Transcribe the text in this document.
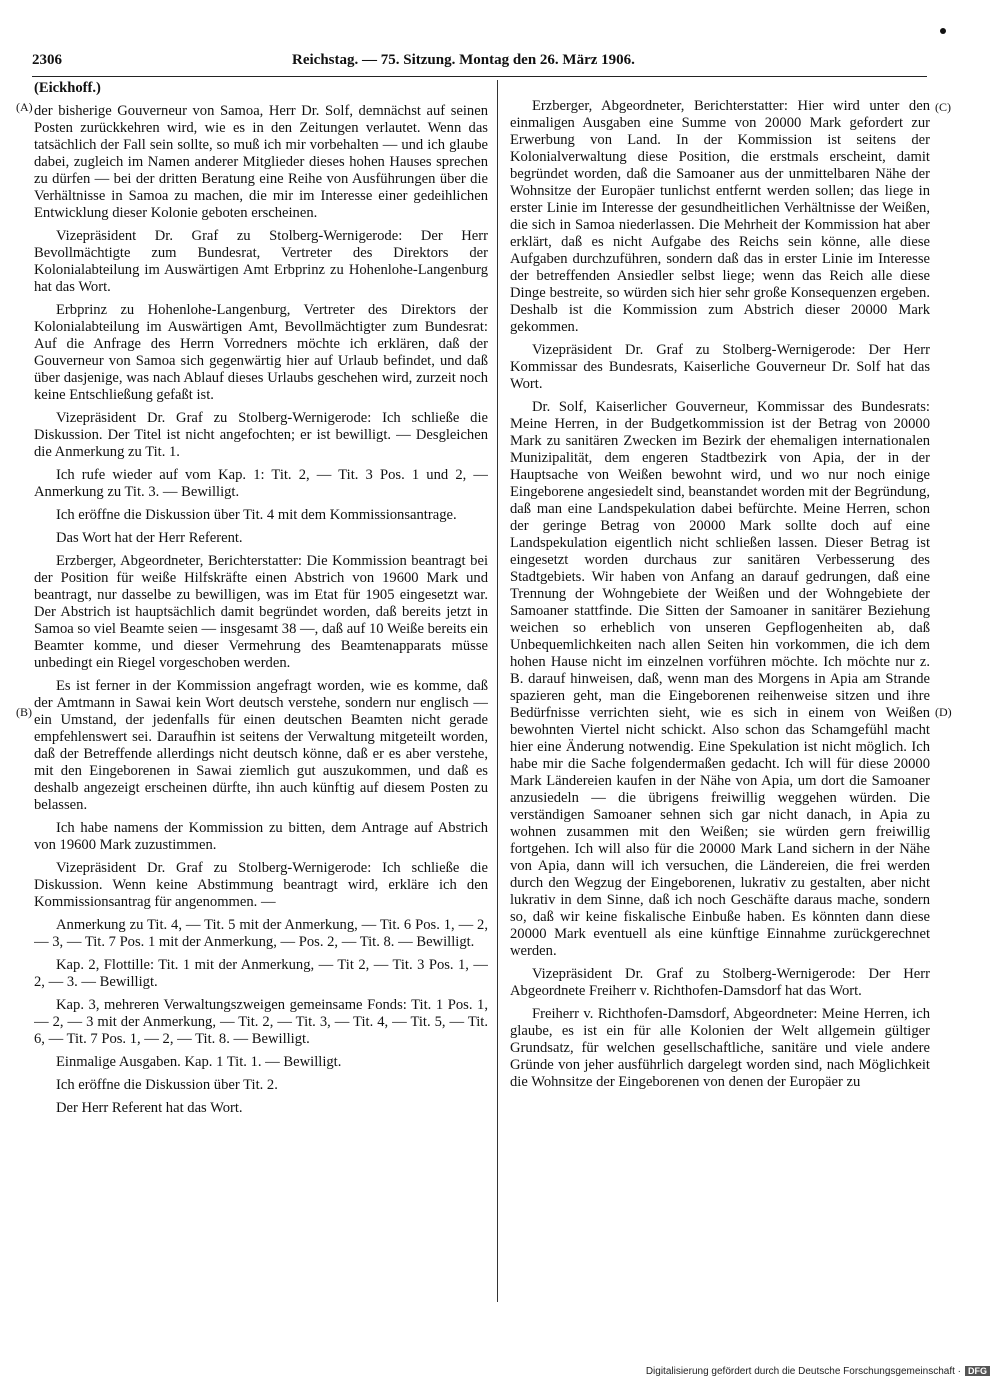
2306	Reichstag. — 75. Sitzung. Montag den 26. März 1906.

(Eickhoff.)

der bisherige Gouverneur von Samoa, Herr Dr. Solf, demnächst auf seinen Posten zurückkehren wird, wie es in den Zeitungen verlautet. Wenn das tatsächlich der Fall sein sollte, so muß ich mir vorbehalten — und ich glaube dabei, zugleich im Namen anderer Mitglieder dieses hohen Hauses sprechen zu dürfen — bei der dritten Beratung eine Reihe von Ausführungen über die Verhältnisse in Samoa zu machen, die mir im Interesse einer gedeihlichen Entwicklung dieser Kolonie geboten erscheinen.

Vizepräsident Dr. Graf zu Stolberg-Wernigerode: Der Herr Bevollmächtigte zum Bundesrat, Vertreter des Direktors der Kolonialabteilung im Auswärtigen Amt Erbprinz zu Hohenlohe-Langenburg hat das Wort.

Erbprinz zu Hohenlohe-Langenburg, Vertreter des Direktors der Kolonialabteilung im Auswärtigen Amt, Bevollmächtigter zum Bundesrat: Auf die Anfrage des Herrn Vorredners möchte ich erklären, daß der Gouverneur von Samoa sich gegenwärtig hier auf Urlaub befindet, und daß über dasjenige, was nach Ablauf dieses Urlaubs geschehen wird, zurzeit noch keine Entschließung gefaßt ist.

Vizepräsident Dr. Graf zu Stolberg-Wernigerode: Ich schließe die Diskussion. Der Titel ist nicht angefochten; er ist bewilligt. — Desgleichen die Anmerkung zu Tit. 1.

Ich rufe wieder auf vom Kap. 1: Tit. 2, — Tit. 3 Pos. 1 und 2, — Anmerkung zu Tit. 3. — Bewilligt.

Ich eröffne die Diskussion über Tit. 4 mit dem Kommissionsantrage.

Das Wort hat der Herr Referent.

Erzberger, Abgeordneter, Berichterstatter: Die Kommission beantragt bei der Position für weiße Hilfskräfte einen Abstrich von 19600 Mark und beantragt, nur dasselbe zu bewilligen, was im Etat für 1905 eingesetzt war. Der Abstrich ist hauptsächlich damit begründet worden, daß bereits jetzt in Samoa so viel Beamte seien — insgesamt 38 —, daß auf 10 Weiße bereits ein Beamter komme, und dieser Vermehrung des Beamtenapparats müsse unbedingt ein Riegel vorgeschoben werden.

Es ist ferner in der Kommission angefragt worden, wie es komme, daß der Amtmann in Sawai kein Wort deutsch verstehe, sondern nur englisch — ein Umstand, der jedenfalls für einen deutschen Beamten nicht gerade empfehlenswert sei. Daraufhin ist seitens der Verwaltung mitgeteilt worden, daß der Betreffende allerdings nicht deutsch könne, daß er es aber verstehe, mit den Eingeborenen in Sawai ziemlich gut auszukommen, und daß es deshalb angezeigt erscheinen dürfte, ihn auch künftig auf diesem Posten zu belassen.

Ich habe namens der Kommission zu bitten, dem Antrage auf Abstrich von 19600 Mark zuzustimmen.

Vizepräsident Dr. Graf zu Stolberg-Wernigerode: Ich schließe die Diskussion. Wenn keine Abstimmung beantragt wird, erkläre ich den Kommissionsantrag für angenommen. —

Anmerkung zu Tit. 4, — Tit. 5 mit der Anmerkung, — Tit. 6 Pos. 1, — 2, — 3, — Tit. 7 Pos. 1 mit der Anmerkung, — Pos. 2, — Tit. 8. — Bewilligt.

Kap. 2, Flottille: Tit. 1 mit der Anmerkung, — Tit 2, — Tit. 3 Pos. 1, — 2, — 3. — Bewilligt.

Kap. 3, mehreren Verwaltungszweigen gemeinsame Fonds: Tit. 1 Pos. 1, — 2, — 3 mit der Anmerkung, — Tit. 2, — Tit. 3, — Tit. 4, — Tit. 5, — Tit. 6, — Tit. 7 Pos. 1, — 2, — Tit. 8. — Bewilligt.

Einmalige Ausgaben. Kap. 1 Tit. 1. — Bewilligt.

Ich eröffne die Diskussion über Tit. 2.

Der Herr Referent hat das Wort.

Erzberger, Abgeordneter, Berichterstatter: Hier wird unter den einmaligen Ausgaben eine Summe von 20000 Mark gefordert zur Erwerbung von Land. In der Kommission ist seitens der Kolonialverwaltung diese Position, die erstmals erscheint, damit begründet worden, daß die Samoaner aus der unmittelbaren Nähe der Wohnsitze der Europäer tunlichst entfernt werden sollen; das liege in erster Linie im Interesse der gesundheitlichen Verhältnisse der Weißen, die sich in Samoa niederlassen. Die Mehrheit der Kommission hat aber erklärt, daß es nicht Aufgabe des Reichs sein könne, alle diese Aufgaben durchzuführen, sondern daß das in erster Linie im Interesse der betreffenden Ansiedler selbst liege; wenn das Reich alle diese Dinge bestreite, so würden sich hier sehr große Konsequenzen ergeben. Deshalb ist die Kommission zum Abstrich dieser 20000 Mark gekommen.

Vizepräsident Dr. Graf zu Stolberg-Wernigerode: Der Herr Kommissar des Bundesrats, Kaiserliche Gouverneur Dr. Solf hat das Wort.

Dr. Solf, Kaiserlicher Gouverneur, Kommissar des Bundesrats: Meine Herren, in der Budgetkommission ist der Betrag von 20000 Mark zu sanitären Zwecken im Bezirk der ehemaligen internationalen Munizipalität, dem engeren Stadtbezirk von Apia, der in der Hauptsache von Weißen bewohnt wird, und wo nur noch einige Eingeborene angesiedelt sind, beanstandet worden mit der Begründung, daß man eine Landspekulation dabei befürchte. Meine Herren, schon der geringe Betrag von 20000 Mark sollte doch auf eine Landspekulation eigentlich nicht schließen lassen. Dieser Betrag ist eingesetzt worden durchaus zur sanitären Verbesserung des Stadtgebiets. Wir haben von Anfang an darauf gedrungen, daß eine Trennung der Wohngebiete der Weißen und der Wohngebiete der Samoaner stattfinde. Die Sitten der Samoaner in sanitärer Beziehung weichen so erheblich von unseren Gepflogenheiten ab, daß Unbequemlichkeiten nach allen Seiten hin vorkommen, die ich dem hohen Hause nicht im einzelnen vorführen möchte. Ich möchte nur z. B. darauf hinweisen, daß, wenn man des Morgens in Apia am Strande spazieren geht, man die Eingeborenen reihenweise sitzen und ihre Bedürfnisse verrichten sieht, wie es sich in einem von Weißen bewohnten Viertel nicht schickt. Also schon das Schamgefühl macht hier eine Änderung notwendig. Eine Spekulation ist nicht möglich. Ich habe mir die Sache folgendermaßen gedacht. Ich will für diese 20000 Mark Ländereien kaufen in der Nähe von Apia, um dort die Samoaner anzusiedeln — die übrigens freiwillig weggehen würden. Die verständigen Samoaner sehnen sich gar nicht danach, in Apia zu wohnen zusammen mit den Weißen; sie würden gern freiwillig fortgehen. Ich will also für die 20000 Mark Land sichern in der Nähe von Apia, dann will ich versuchen, die Ländereien, die frei werden durch den Wegzug der Eingeborenen, lukrativ zu gestalten, aber nicht lukrativ in dem Sinne, daß ich noch Geschäfte daraus mache, sondern so, daß wir keine fiskalische Einbuße haben. Es könnten dann diese 20000 Mark eventuell als eine künftige Einnahme zurückgerechnet werden.

Vizepräsident Dr. Graf zu Stolberg-Wernigerode: Der Herr Abgeordnete Freiherr v. Richthofen-Damsdorf hat das Wort.

Freiherr v. Richthofen-Damsdorf, Abgeordneter: Meine Herren, ich glaube, es ist ein für alle Kolonien der Welt allgemein gültiger Grundsatz, für welchen gesellschaftliche, sanitäre und viele andere Gründe von jeher ausführlich dargelegt worden sind, nach Möglichkeit die Wohnsitze der Eingeborenen von denen der Europäer zu

(A)
(B)
(C)
(D)
Digitalisierung gefördert durch die Deutsche Forschungsgemeinschaft · DFG
